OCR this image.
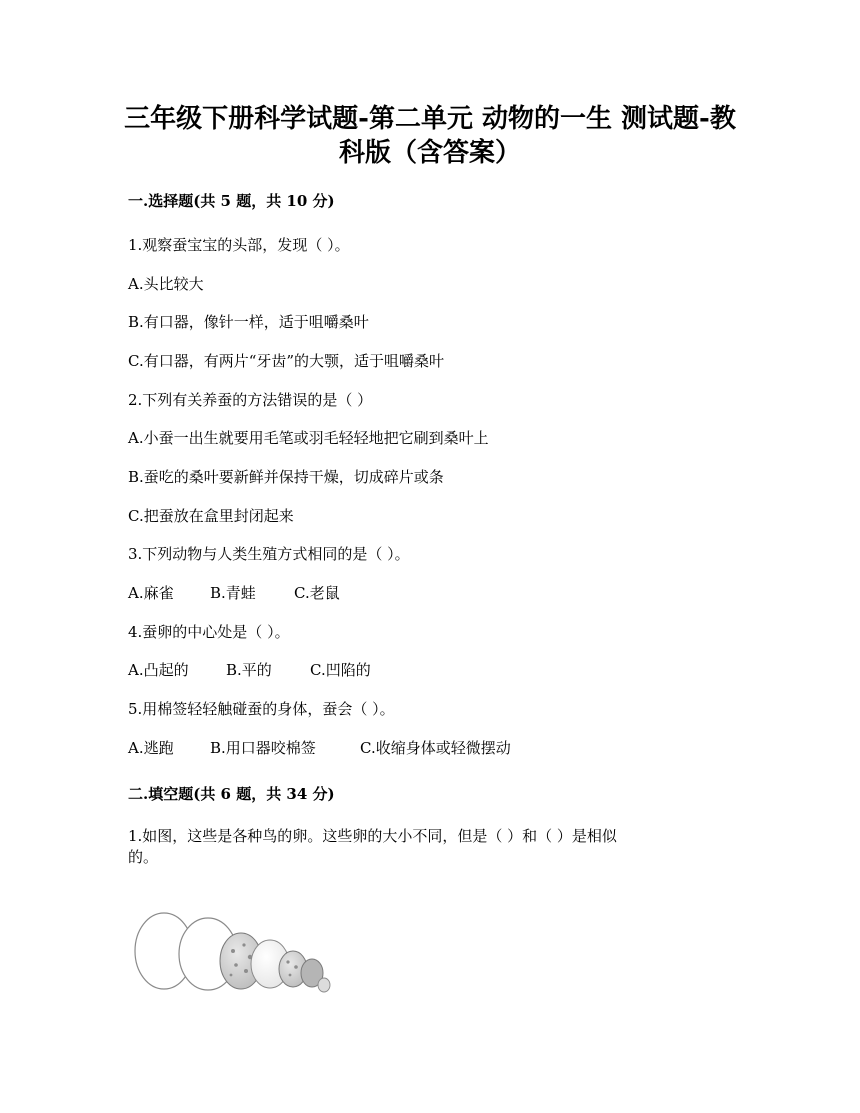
三年级下册科学试题-第二单元 动物的一生 测试题-教
科版（含答案）
一.选择题(共 5 题，共 10 分)
1.观察蚕宝宝的头部，发现（ ）。
A.头比较大
B.有口器，像针一样，适于咀嚼桑叶
C.有口器，有两片“牙齿”的大颚，适于咀嚼桑叶
2.下列有关养蚕的方法错误的是（ ）
A.小蚕一出生就要用毛笔或羽毛轻轻地把它刷到桑叶上
B.蚕吃的桑叶要新鲜并保持干燥，切成碎片或条
C.把蚕放在盒里封闭起来
3.下列动物与人类生殖方式相同的是（ ）。
A.麻雀 B.青蛙	C.老鼠
4.蚕卵的中心处是（ ）。
A.凸起的 B.平的	C.凹陷的
5.用棉签轻轻触碰蚕的身体，蚕会（ ）。
A.逃跑 B.用口器咬棉签	C.收缩身体或轻微摆动
二.填空题(共 6 题，共 34 分)
1.如图，这些是各种鸟的卵。这些卵的大小不同，但是（ ）和（ ）是相似
的。
